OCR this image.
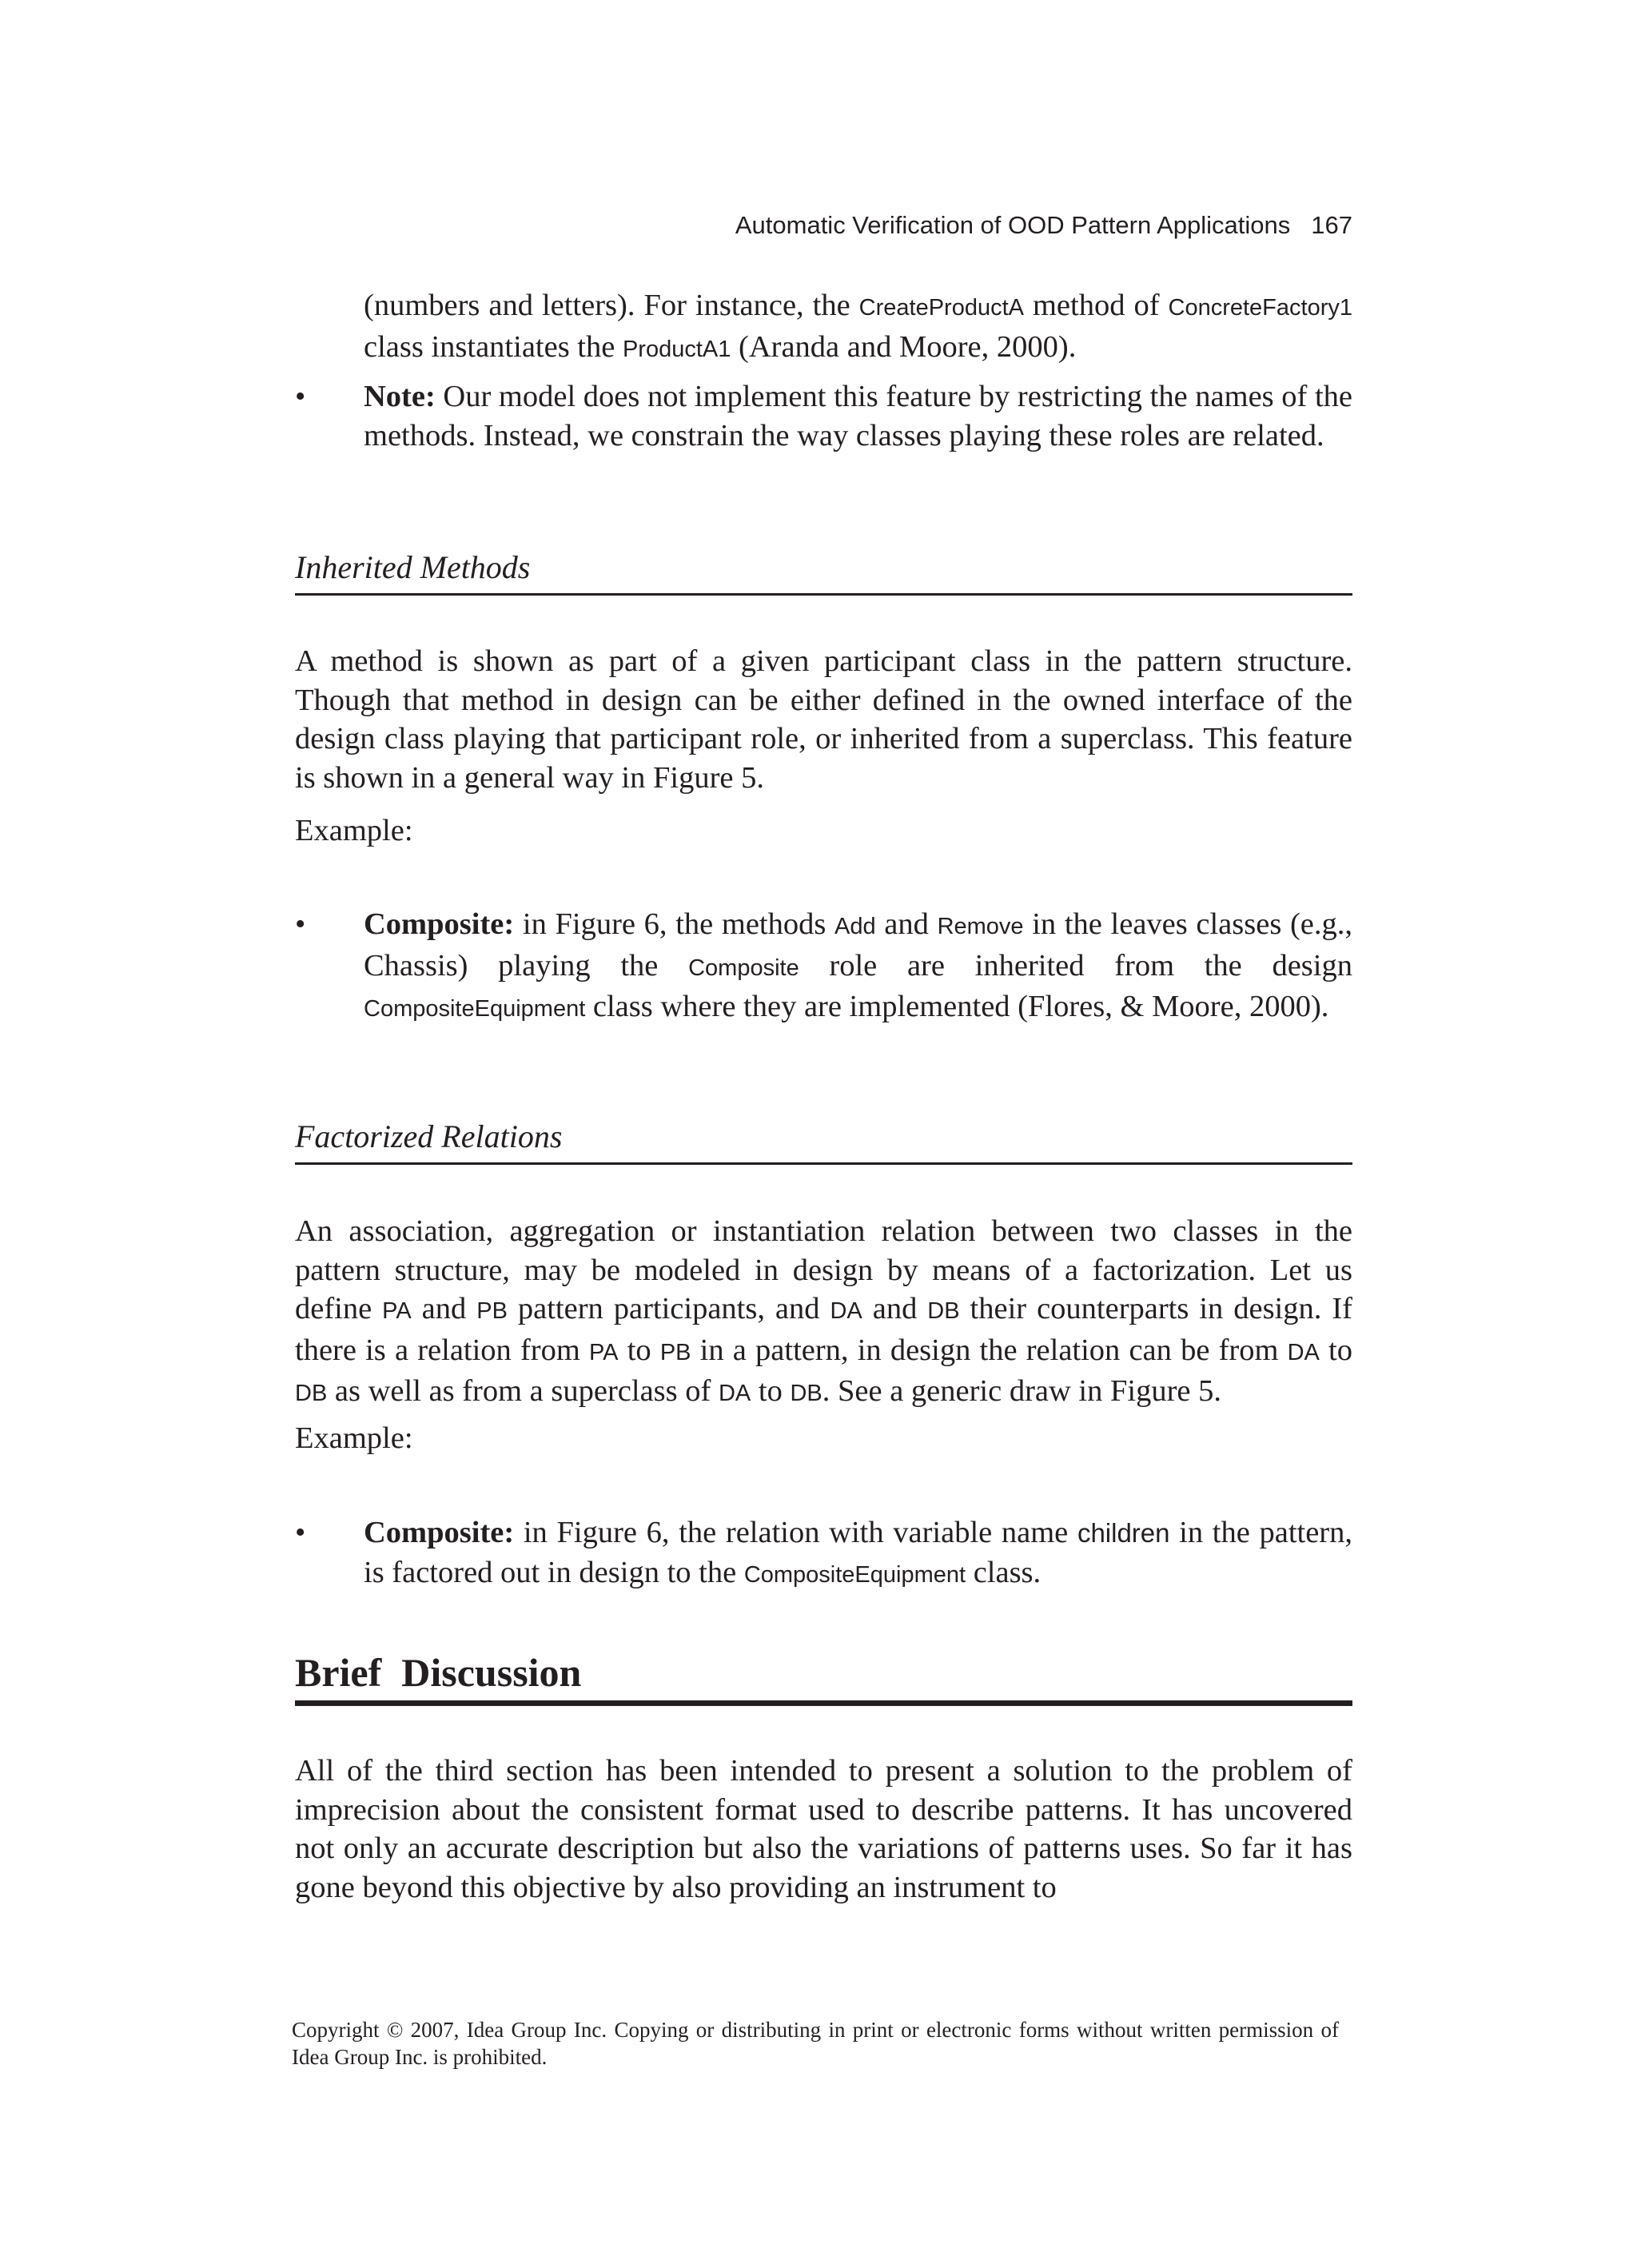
Automatic Verification of OOD Pattern Applications 167

(numbers and letters). For instance, the CreateProductA method of ConcreteFactory1 class instantiates the ProductA1 (Aranda and Moore, 2000).

• Note: Our model does not implement this feature by restricting the names of the methods. Instead, we constrain the way classes playing these roles are related.

Inherited Methods

A method is shown as part of a given participant class in the pattern structure. Though that method in design can be either defined in the owned interface of the design class playing that participant role, or inherited from a superclass. This feature is shown in a general way in Figure 5.

Example:

• Composite: in Figure 6, the methods Add and Remove in the leaves classes (e.g., Chassis) playing the Composite role are inherited from the design CompositeEquipment class where they are implemented (Flores, & Moore, 2000).

Factorized Relations

An association, aggregation or instantiation relation between two classes in the pattern structure, may be modeled in design by means of a factorization. Let us define PA and PB pattern participants, and DA and DB their counterparts in design. If there is a relation from PA to PB in a pattern, in design the relation can be from DA to DB as well as from a superclass of DA to DB. See a generic draw in Figure 5.

Example:

• Composite: in Figure 6, the relation with variable name children in the pattern, is factored out in design to the CompositeEquipment class.

Brief  Discussion

All of the third section has been intended to present a solution to the problem of imprecision about the consistent format used to describe patterns. It has uncovered not only an accurate description but also the variations of patterns uses. So far it has gone beyond this objective by also providing an instrument to

Copyright © 2007, Idea Group Inc. Copying or distributing in print or electronic forms without written permission of Idea Group Inc. is prohibited.
